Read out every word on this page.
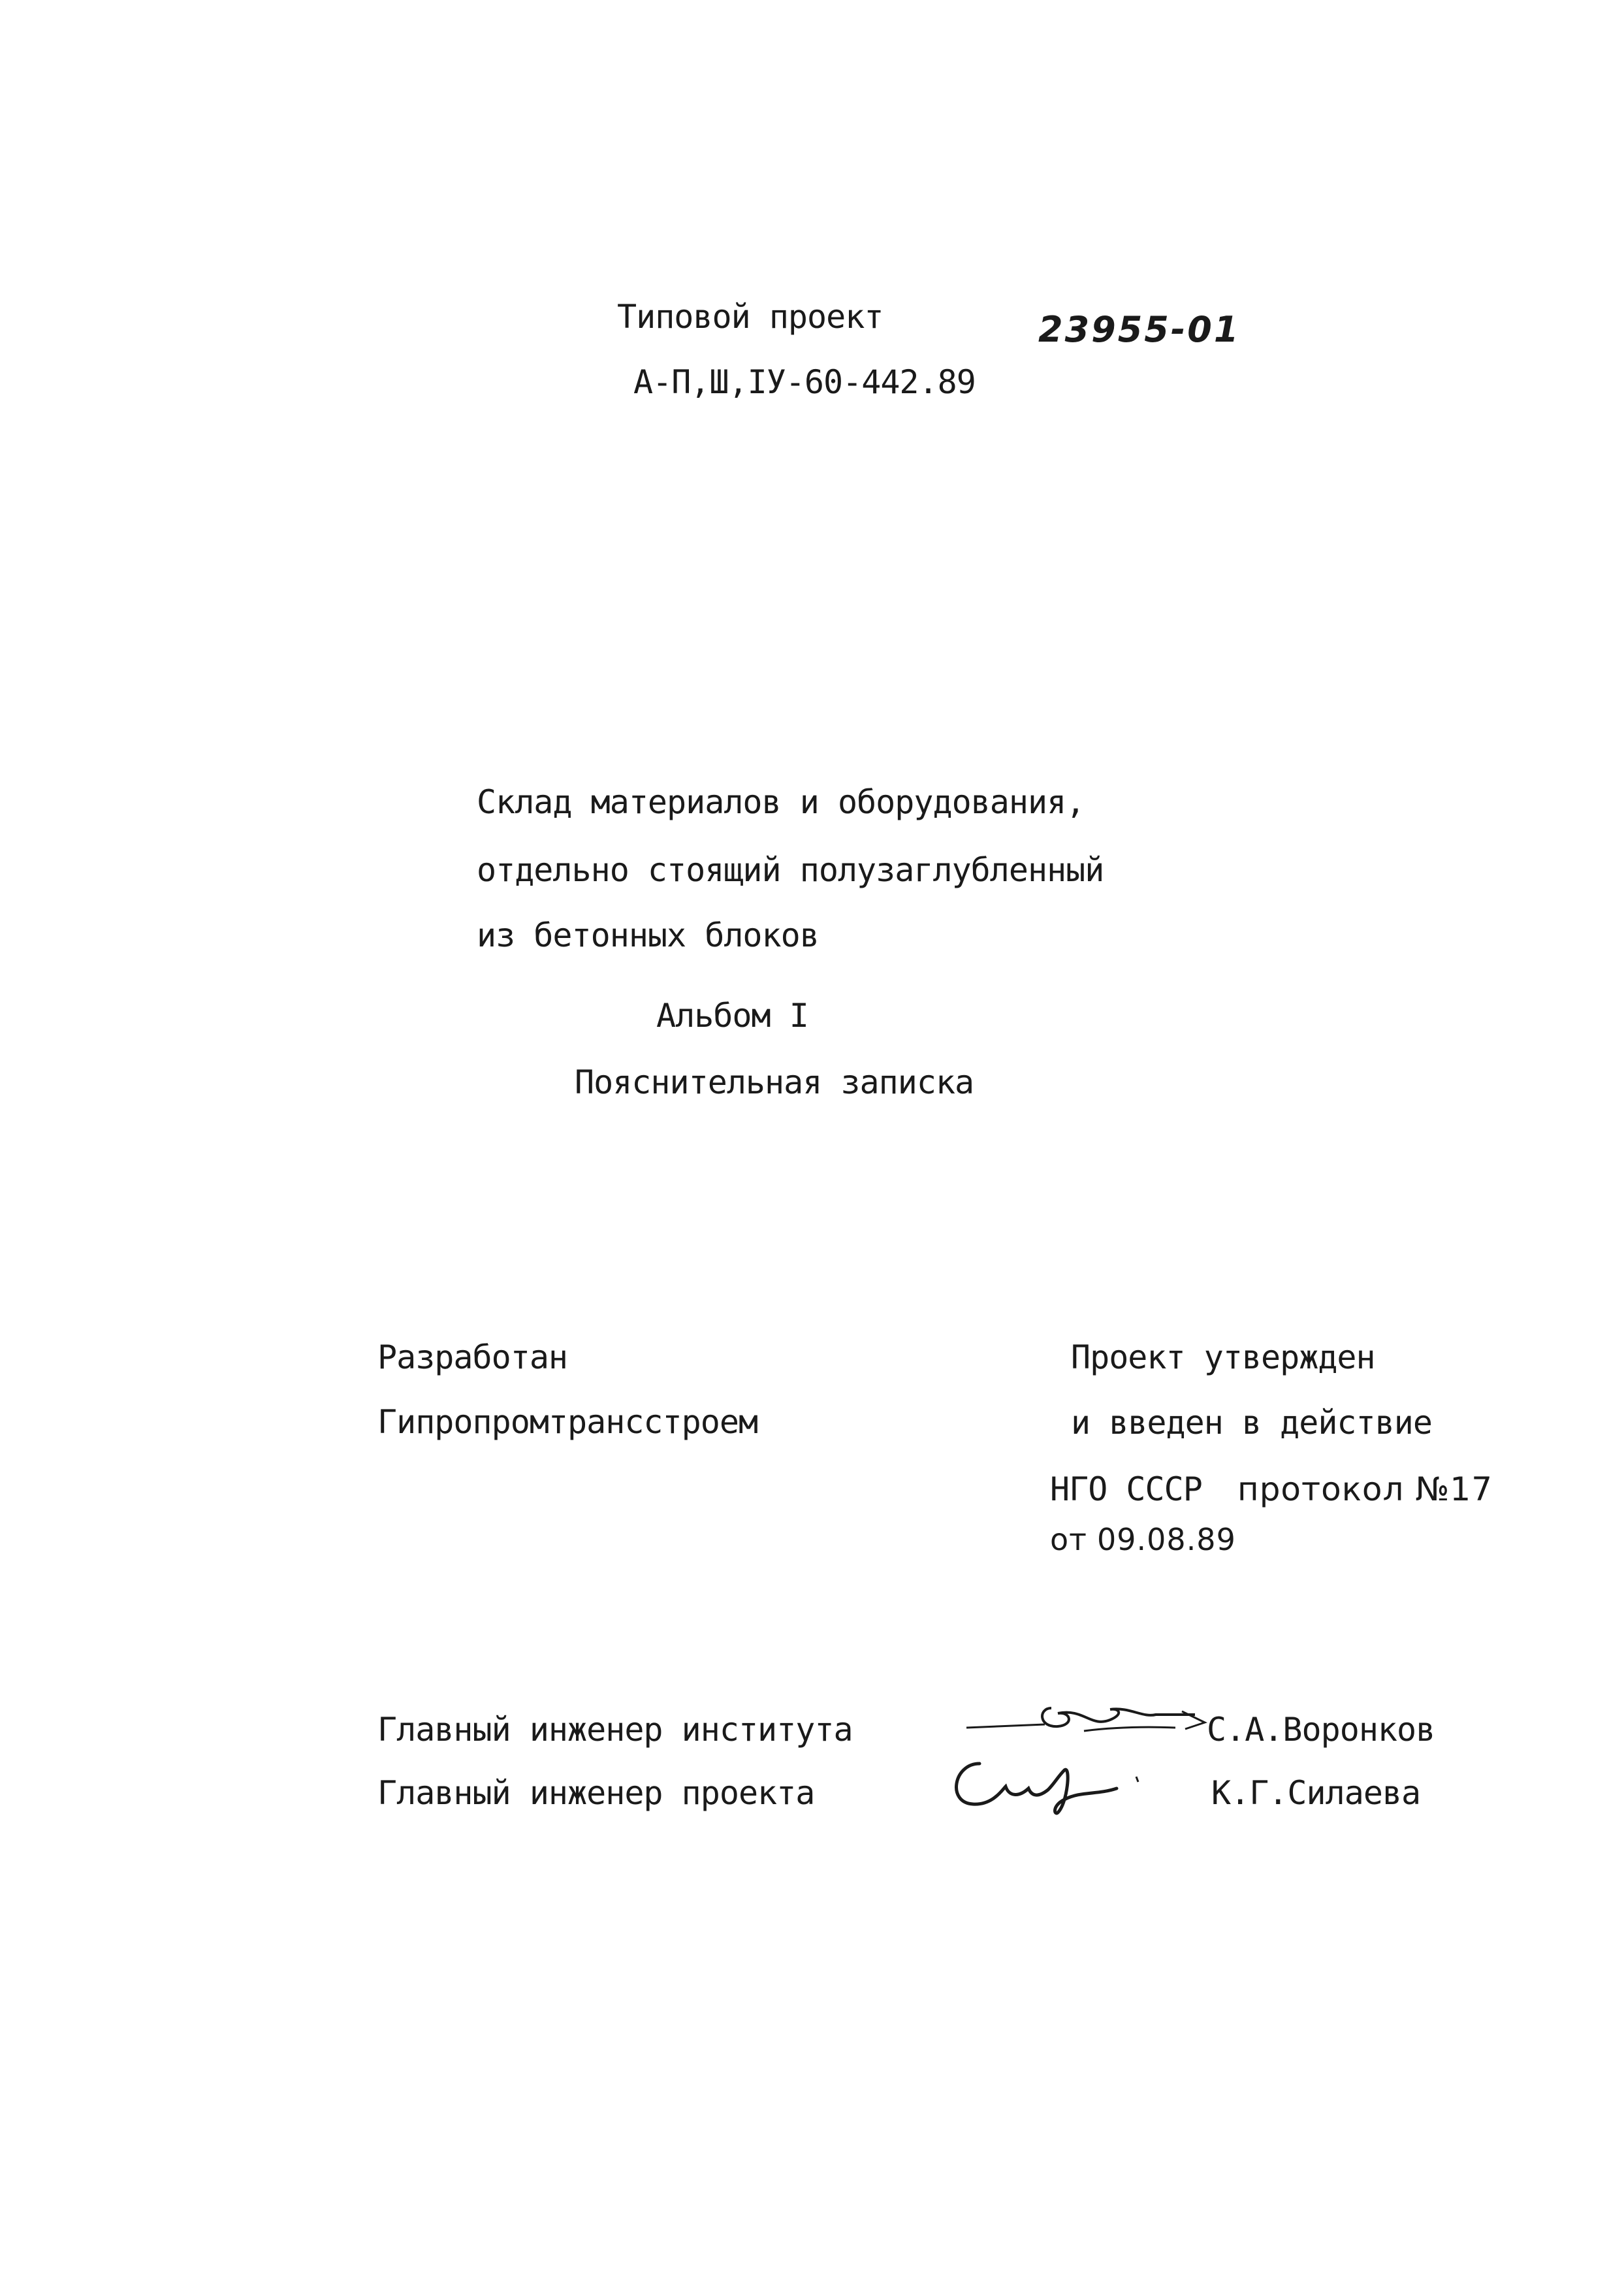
Типовой проект	23955-01
А-П,Ш,IУ-60-442.89
Склад материалов и оборудования,
отдельно стоящий полузаглубленный
из бетонных блоков
Альбом I
Пояснительная записка
Разработан
Гипропромтрансстроем
Проект утвержден
и введен в действие
НГО СССР протокол №17
от 09.08.89
Главный инженер института	С.А.Воронков
Главный инженер проекта	К.Г.Силаева
